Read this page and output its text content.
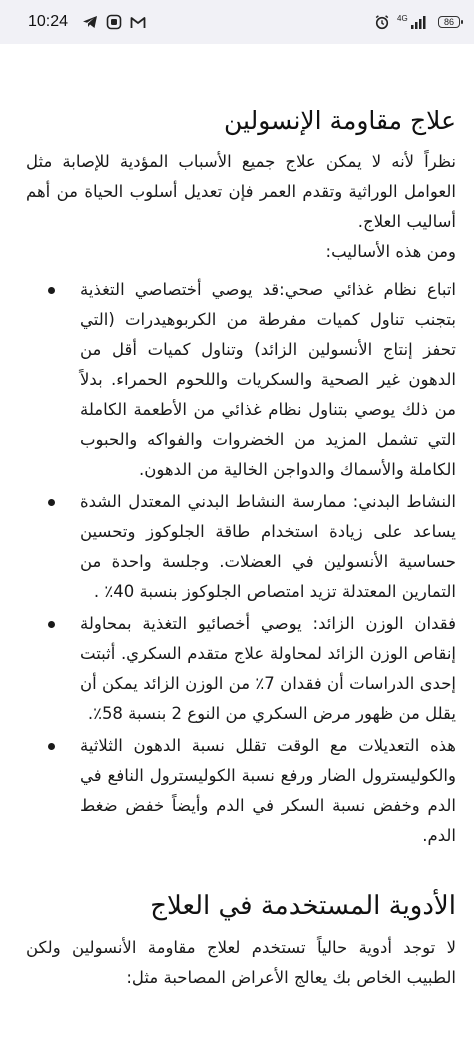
10:24	4G	86
علاج مقاومة الإنسولين

نظراً لأنه لا يمكن علاج جميع الأسباب المؤدية للإصابة مثل العوامل الوراثية وتقدم العمر فإن تعديل أسلوب الحياة من أهم أساليب العلاج.

ومن هذه الأساليب:

اتباع نظام غذائي صحي:قد يوصي أختصاصي التغذية بتجنب تناول كميات مفرطة من الكربوهيدرات (التي تحفز إنتاج الأنسولين الزائد) وتناول كميات أقل من الدهون غير الصحية والسكريات واللحوم الحمراء. بدلاً من ذلك يوصي بتناول نظام غذائي من الأطعمة الكاملة التي تشمل المزيد من الخضروات والفواكه والحبوب الكاملة والأسماك والدواجن الخالية من الدهون.
النشاط البدني: ممارسة النشاط البدني المعتدل الشدة يساعد على زيادة استخدام طاقة الجلوكوز وتحسين حساسية الأنسولين في العضلات. وجلسة واحدة من التمارين المعتدلة تزيد امتصاص الجلوكوز بنسبة 40٪ .
فقدان الوزن الزائد: يوصي أخصائيو التغذية بمحاولة إنقاص الوزن الزائد لمحاولة علاج متقدم السكري. أثبتت إحدى الدراسات أن فقدان 7٪ من الوزن الزائد يمكن أن يقلل من ظهور مرض السكري من النوع 2 بنسبة 58٪.
هذه التعديلات مع الوقت تقلل نسبة الدهون الثلاثية والكوليسترول الضار ورفع نسبة الكوليسترول النافع في الدم وخفض نسبة السكر في الدم وأيضاً خفض ضغط الدم.
الأدوية المستخدمة في العلاج

لا توجد أدوية حالياً تستخدم لعلاج مقاومة الأنسولين ولكن الطبيب الخاص بك يعالج الأعراض المصاحبة مثل:
